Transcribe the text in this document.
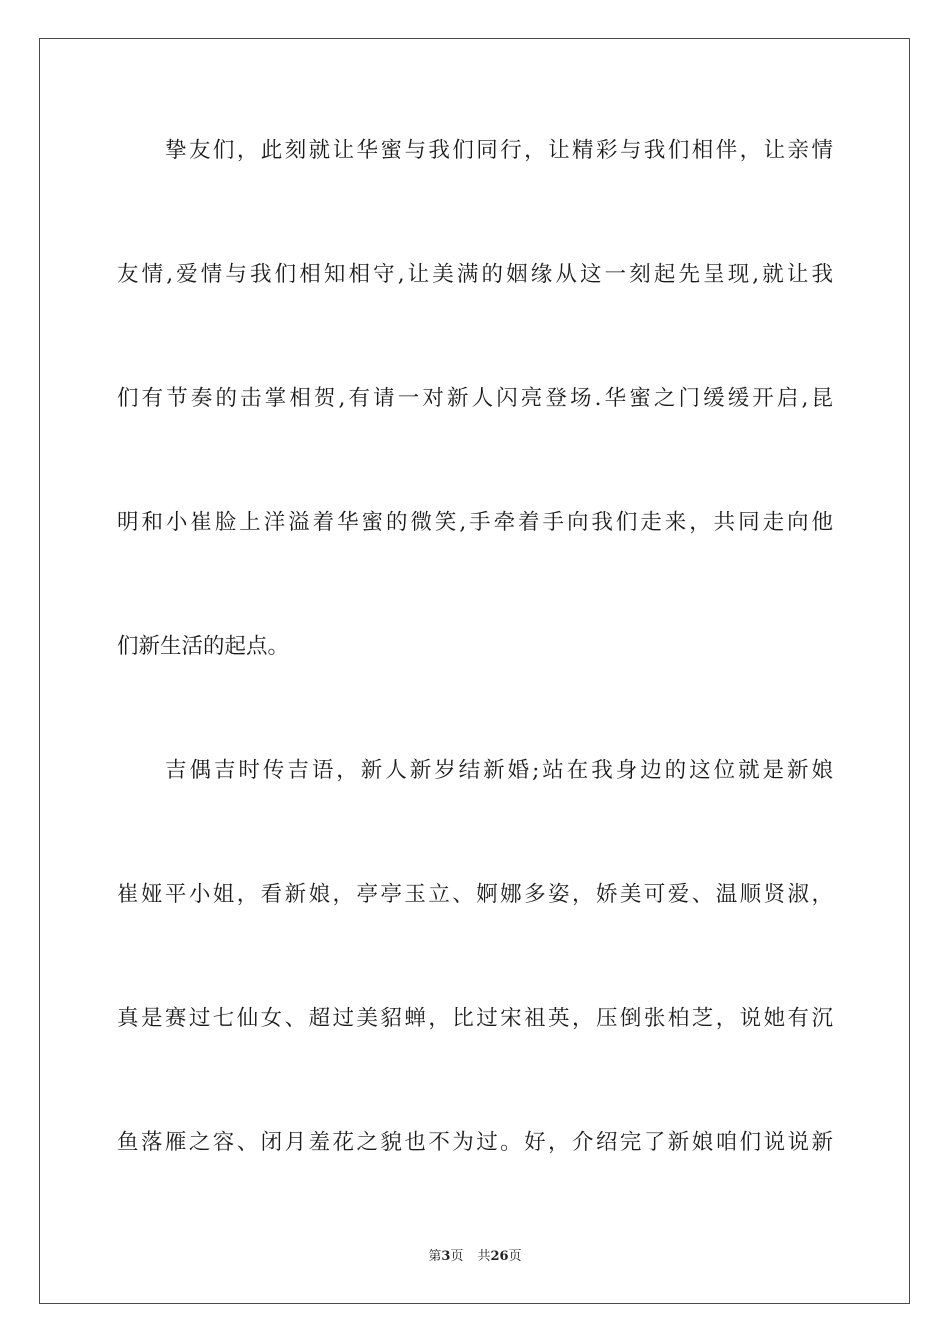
挚友们，此刻就让华蜜与我们同行，让精彩与我们相伴，让亲情
友情,爱情与我们相知相守,让美满的姻缘从这一刻起先呈现,就让我
们有节奏的击掌相贺,有请一对新人闪亮登场.华蜜之门缓缓开启,昆
明和小崔脸上洋溢着华蜜的微笑,手牵着手向我们走来，共同走向他
们新生活的起点。
吉偶吉时传吉语，新人新岁结新婚;站在我身边的这位就是新娘
崔娅平小姐，看新娘，亭亭玉立、婀娜多姿，娇美可爱、温顺贤淑，
真是赛过七仙女、超过美貂蝉，比过宋祖英，压倒张柏芝，说她有沉
鱼落雁之容、闭月羞花之貌也不为过。好，介绍完了新娘咱们说说新
第3页 共26页
